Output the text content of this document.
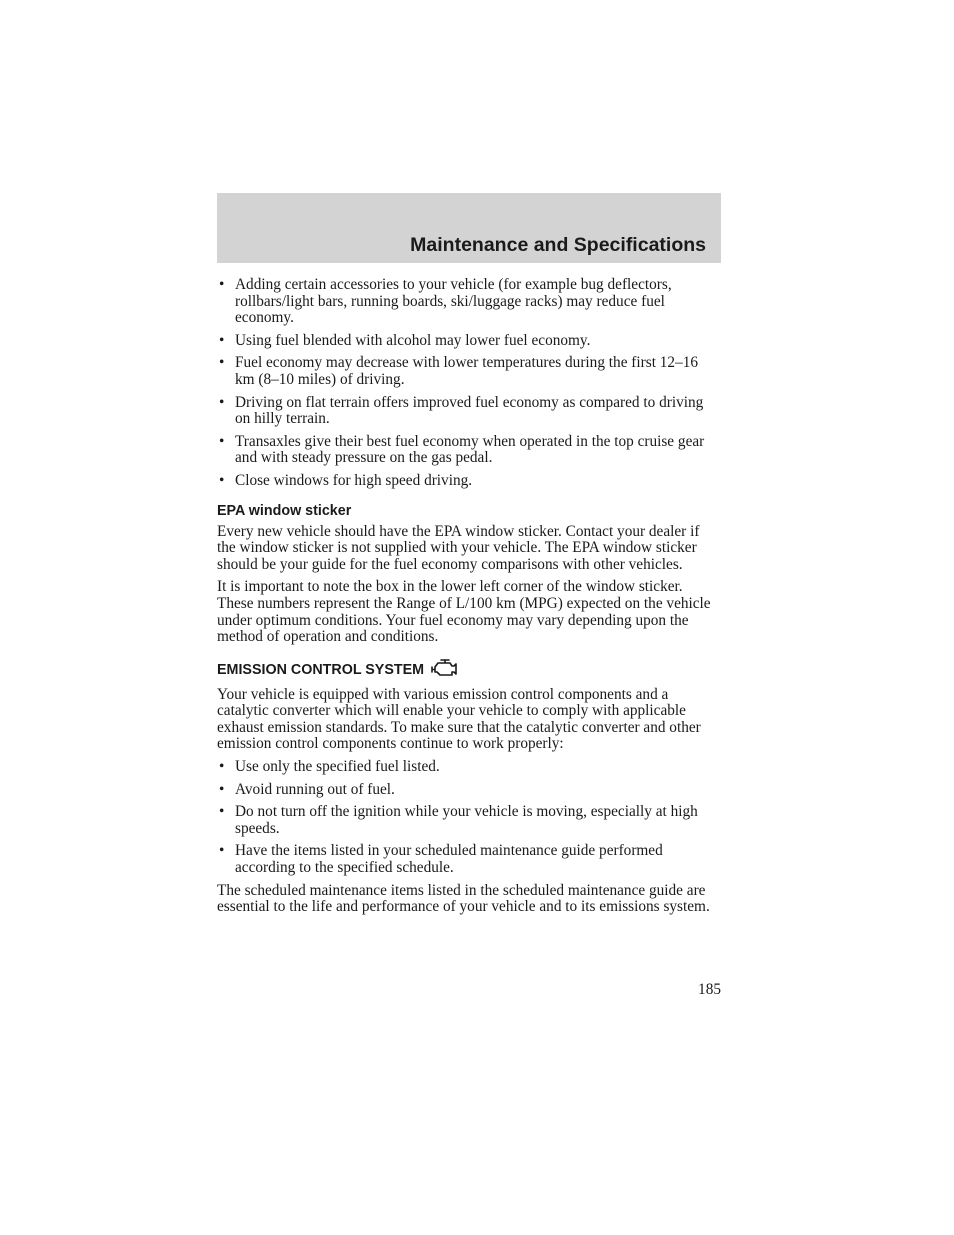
Maintenance and Specifications
• Adding certain accessories to your vehicle (for example bug deflectors, rollbars/light bars, running boards, ski/luggage racks) may reduce fuel economy.
• Using fuel blended with alcohol may lower fuel economy.
• Fuel economy may decrease with lower temperatures during the first 12–16 km (8–10 miles) of driving.
• Driving on flat terrain offers improved fuel economy as compared to driving on hilly terrain.
• Transaxles give their best fuel economy when operated in the top cruise gear and with steady pressure on the gas pedal.
• Close windows for high speed driving.
EPA window sticker

Every new vehicle should have the EPA window sticker. Contact your dealer if the window sticker is not supplied with your vehicle. The EPA window sticker should be your guide for the fuel economy comparisons with other vehicles.

It is important to note the box in the lower left corner of the window sticker. These numbers represent the Range of L/100 km (MPG) expected on the vehicle under optimum conditions. Your fuel economy may vary depending upon the method of operation and conditions.

EMISSION CONTROL SYSTEM

Your vehicle is equipped with various emission control components and a catalytic converter which will enable your vehicle to comply with applicable exhaust emission standards. To make sure that the catalytic converter and other emission control components continue to work properly:

• Use only the specified fuel listed.
• Avoid running out of fuel.
• Do not turn off the ignition while your vehicle is moving, especially at high speeds.
• Have the items listed in your scheduled maintenance guide performed according to the specified schedule.

The scheduled maintenance items listed in the scheduled maintenance guide are essential to the life and performance of your vehicle and to its emissions system.

185
